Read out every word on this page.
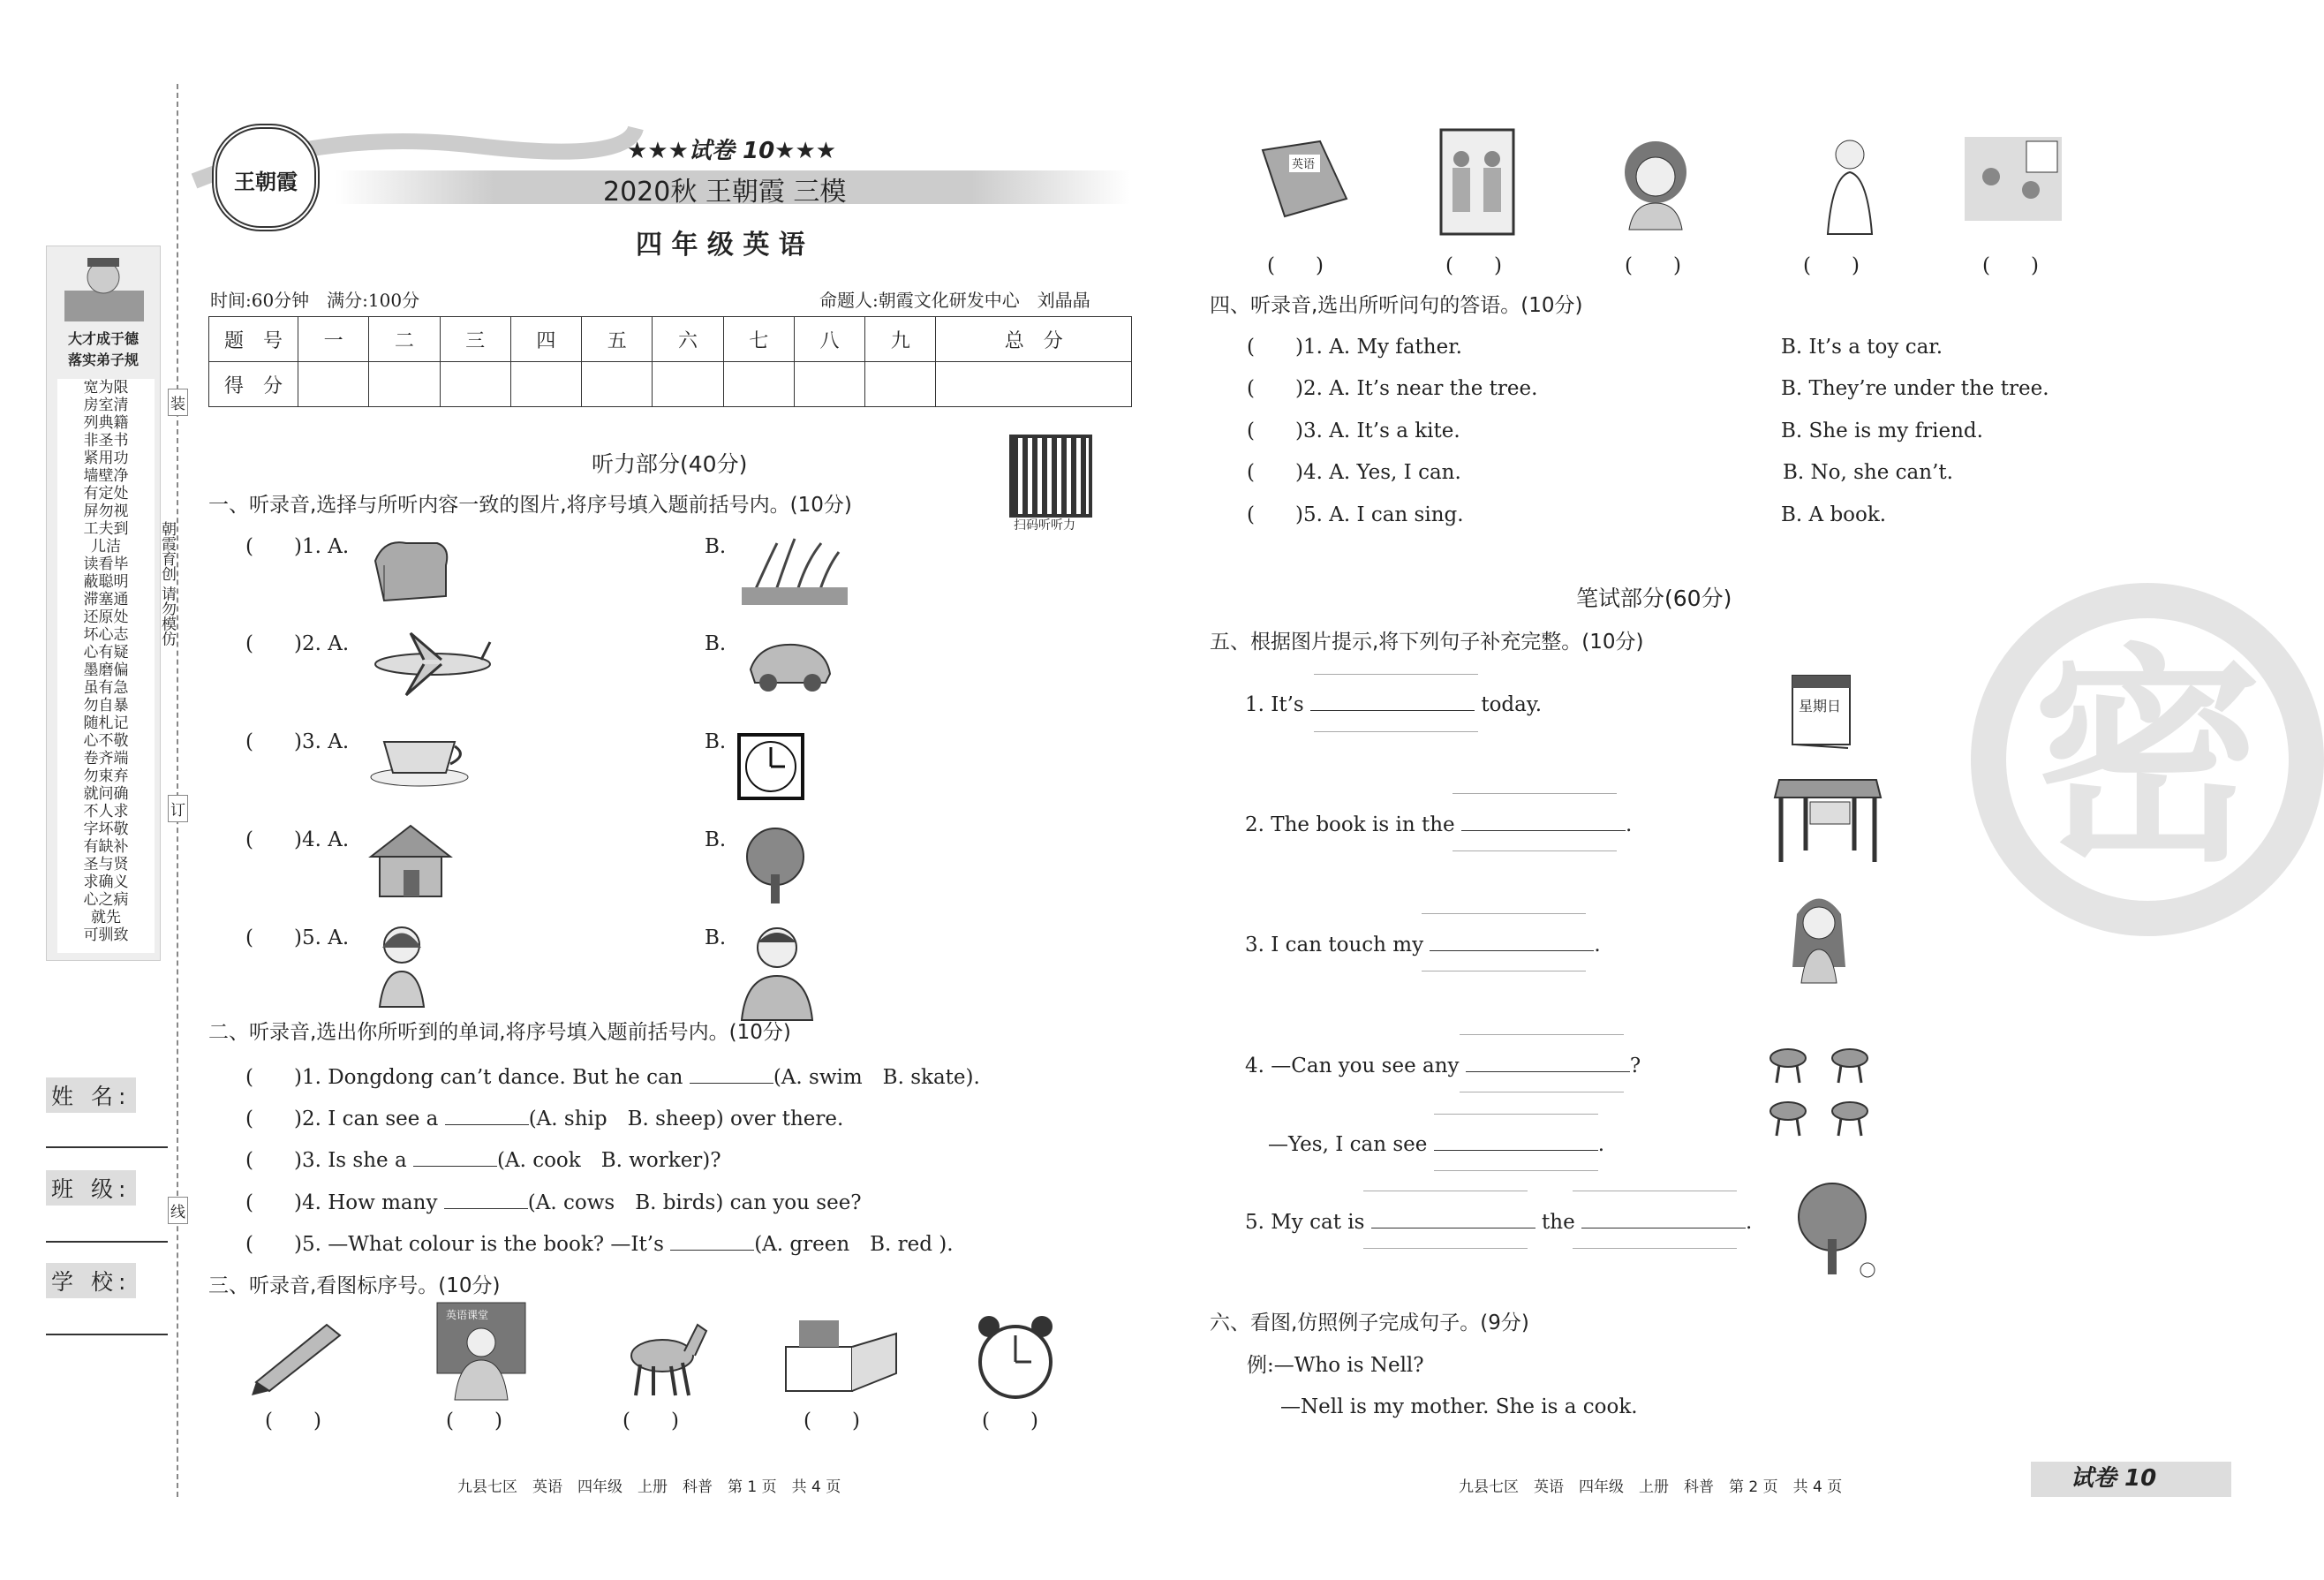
大才成于德
落实弟子规
宽为限
房室清
列典籍
非圣书
紧用功
墙壁净
有定处
屏勿视
工夫到
儿洁
读看毕
蔽聪明
滞塞通
还原处
坏心志
心有疑
墨磨偏
虽有急
勿自暴
随札记
心不敬
卷齐端
勿束弃
就问确
不人求
字坏敬
有缺补
圣与贤
求确义
心之病
就先
可驯致
装
朝霞育创 请勿模仿
订
线
姓 名:
班 级:
学 校:
王朝霞
★★★试卷 10★★★
2020秋 王朝霞 三模
四 年 级 英 语
时间:60分钟　满分:100分	命题人:朝霞文化研发中心　刘晶晶
题　号	一	二	三	四	五	六	七	八	九	总　分
得　分										
扫码听听力
听力部分(40分)
一、听录音,选择与所听内容一致的图片,将序号填入题前括号内。(10分)
(　　)1. A.	B.
(　　)2. A.	B.
(　　)3. A.	B.
(　　)4. A.	B.
(　　)5. A.	B.
二、听录音,选出你所听到的单词,将序号填入题前括号内。(10分)
(　　)1. Dongdong can’t dance. But he can	(A. swim　B. skate).
(　　)2. I can see a	(A. ship　B. sheep) over there.
(　　)3. Is she a	(A. cook　B. worker)?
(　　)4. How many	(A. cows　B. birds) can you see?
(　　)5. —What colour is the book? —It’s	(A. green　B. red ).
三、听录音,看图标序号。(10分)
英语课堂
(　　)	(　　)	(　　)	(　　)	(　　)
英语
(　　)	(　　)	(　　)	(　　)	(　　)
四、听录音,选出所听问句的答语。(10分)
(　　)1. A. My father.	B. It’s a toy car.
(　　)2. A. It’s near the tree.	B. They’re under the tree.
(　　)3. A. It’s a kite.	B. She is my friend.
(　　)4. A. Yes, I can.	B. No, she can’t.
(　　)5. A. I can sing.	B. A book.
密
笔试部分(60分)
五、根据图片提示,将下列句子补充完整。(10分)
1. It’s	today.	星期日
2. The book is in the	.
3. I can touch my	.
4. —Can you see any	?
—Yes, I can see	.
5. My cat is	the	.
六、看图,仿照例子完成句子。(9分)
例:—Who is Nell?
—Nell is my mother. She is a cook.
九县七区　英语　四年级　上册　科普　第 1 页　共 4 页	九县七区　英语　四年级　上册　科普　第 2 页　共 4 页	试卷 10
